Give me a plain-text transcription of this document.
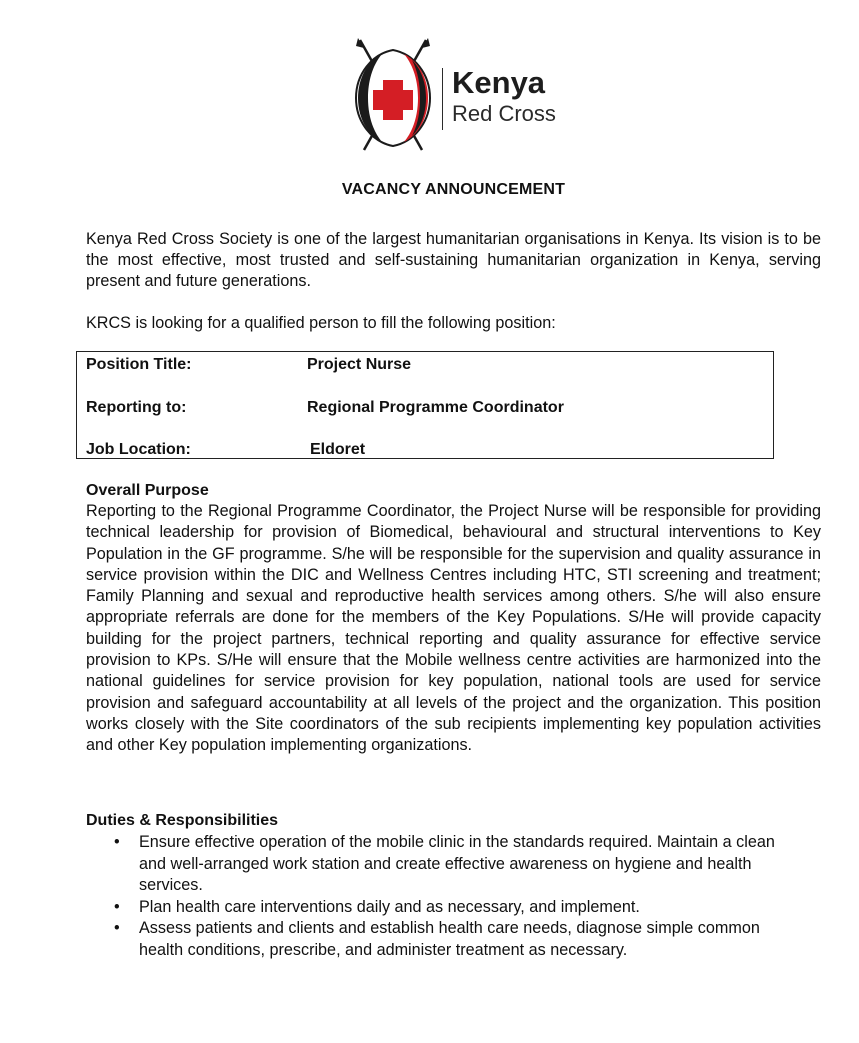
Kenya
Red Cross
VACANCY ANNOUNCEMENT
Kenya Red Cross Society is one of the largest humanitarian organisations in Kenya. Its vision is to be the most effective, most trusted and self-sustaining humanitarian organization in Kenya, serving present and future generations.
KRCS is looking for a qualified person to fill the following position:
Position Title:	Project Nurse
Reporting to:	Regional Programme Coordinator
Job Location:	Eldoret
Overall Purpose
Reporting to the Regional Programme Coordinator, the Project Nurse will be responsible for providing technical leadership for provision of Biomedical, behavioural and structural interventions to Key Population in the GF programme. S/he will be responsible for the supervision and quality assurance in service provision within the DIC and Wellness Centres including HTC, STI screening and treatment; Family Planning and sexual and reproductive health services among others. S/he will also ensure appropriate referrals are done for the members of the Key Populations. S/He will provide capacity building for the project partners, technical reporting and quality assurance for effective service provision to KPs. S/He will ensure that the Mobile wellness centre activities are harmonized into the national guidelines for service provision for key population, national tools are used for service provision and safeguard accountability at all levels of the project and the organization. This position works closely with the Site coordinators of the sub recipients implementing key population activities and other Key population implementing organizations.
Duties & Responsibilities
• Ensure effective operation of the mobile clinic in the standards required. Maintain a clean and well-arranged work station and create effective awareness on hygiene and health services.
• Plan health care interventions daily and as necessary, and implement.
• Assess patients and clients and establish health care needs, diagnose simple common health conditions, prescribe, and administer treatment as necessary.
